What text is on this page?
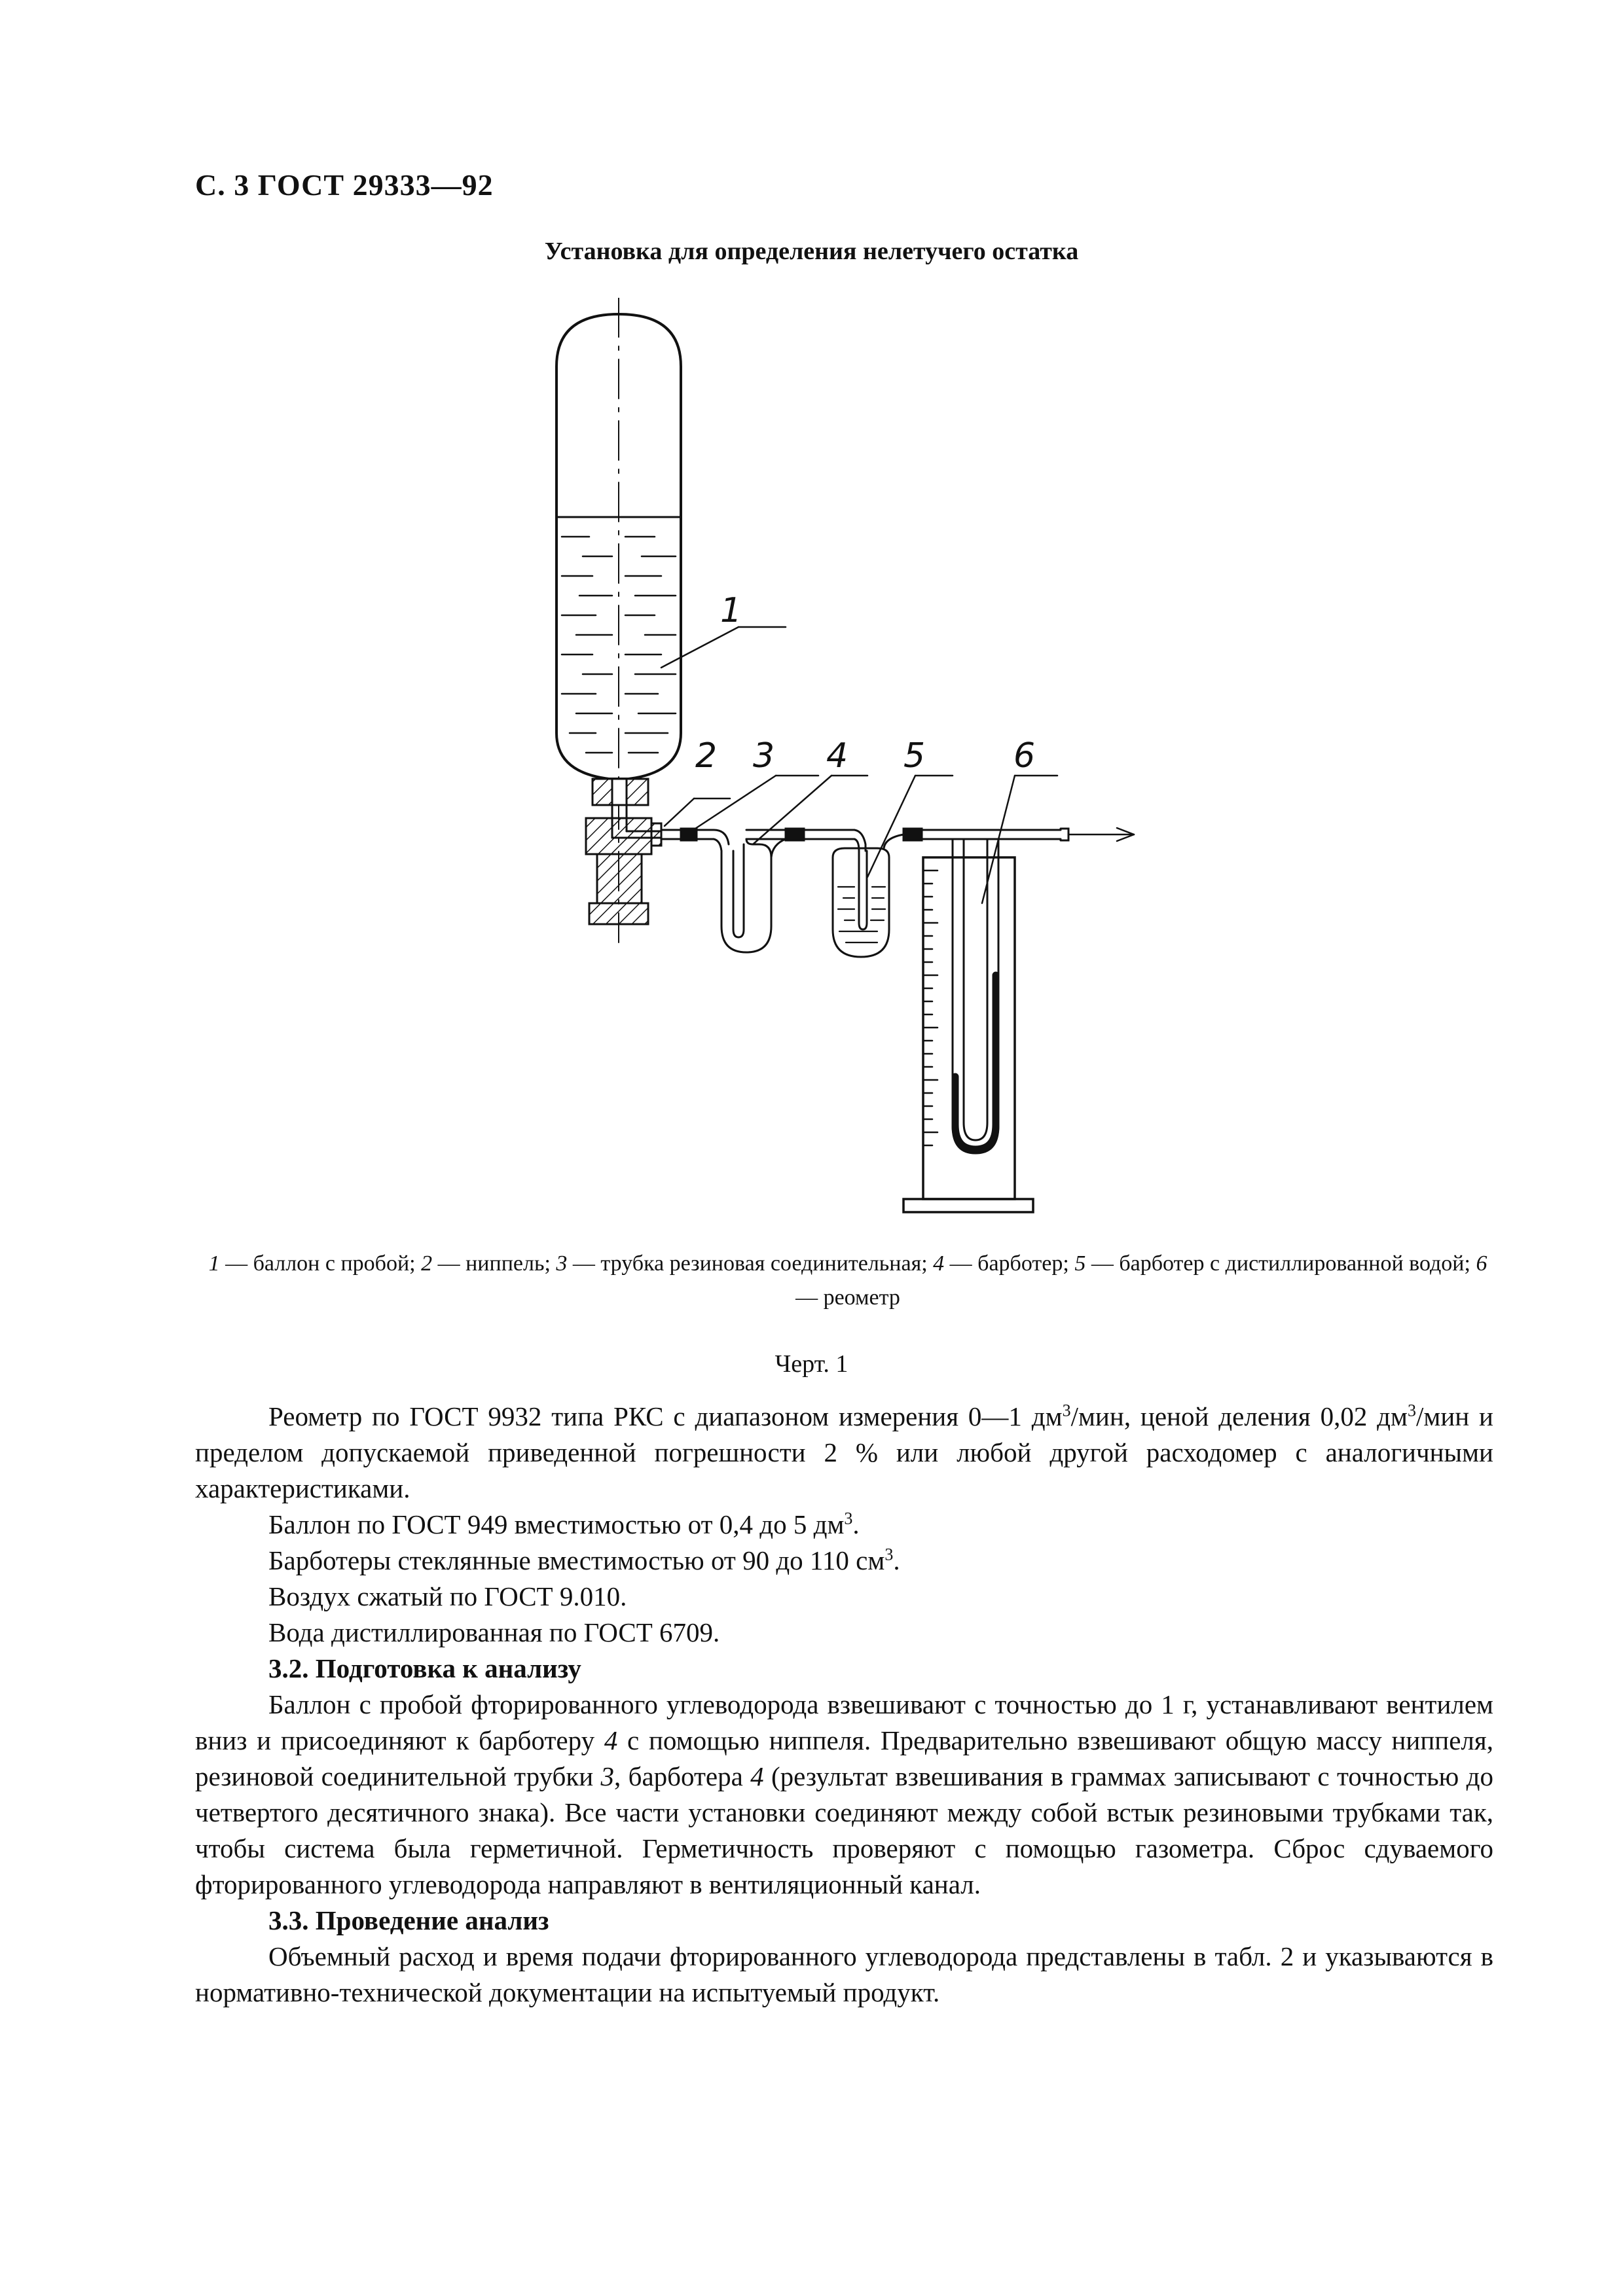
С. 3 ГОСТ 29333—92
Установка для определения нелетучего остатка
1
2 3 4 5	6
1 — баллон с пробой; 2 — ниппель; 3 — трубка резиновая соединительная; 4 — барботер; 5 — барботер с дистиллированной водой; 6 — реометр
Черт. 1

Реометр по ГОСТ 9932 типа РКС с диапазоном измерения 0—1 $дм^3$/мин, ценой деления 0,02 $дм^3$/мин и пределом допускаемой приведенной погрешности 2 % или любой другой расходомер с аналогичными характеристиками.

Баллон по ГОСТ 949 вместимостью от 0,4 до 5 $дм^3$.

Барботеры стеклянные вместимостью от 90 до 110 $см^3$.

Воздух сжатый по ГОСТ 9.010.

Вода дистиллированная по ГОСТ 6709.

3.2. Подготовка к анализу

Баллон с пробой фторированного углеводорода взвешивают с точностью до 1 г, устанавливают вентилем вниз и присоединяют к барботеру 4 с помощью ниппеля. Предварительно взвешивают общую массу ниппеля, резиновой соединительной трубки 3, барботера 4 (результат взвешивания в граммах записывают с точностью до четвертого десятичного знака). Все части установки соединяют между собой встык резиновыми трубками так, чтобы система была герметичной. Герметичность проверяют с помощью газометра. Сброс сдуваемого фторированного углеводорода направляют в вентиляционный канал.

3.3. Проведение анализ

Объемный расход и время подачи фторированного углеводорода представлены в табл. 2 и указываются в нормативно-технической документации на испытуемый продукт.
